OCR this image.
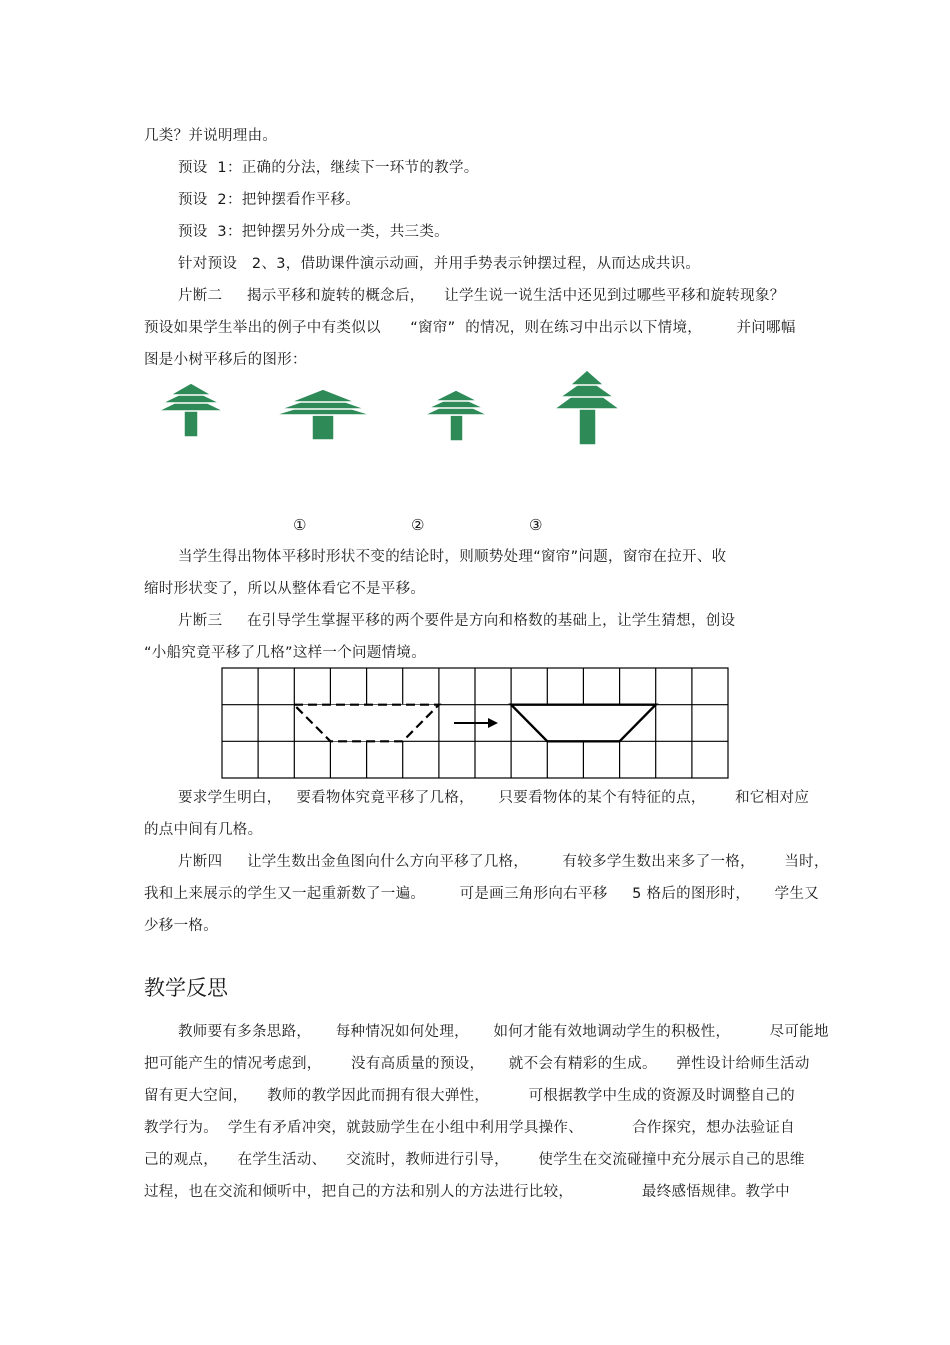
几类？并说明理由。
预设  1：正确的分法，继续下一环节的教学。
预设  2：把钟摆看作平移。
预设  3：把钟摆另外分成一类，共三类。
针对预设   2、3，借助课件演示动画，并用手势表示钟摆过程，从而达成共识。
片断二     揭示平移和旋转的概念后，    让学生说一说生活中还见到过哪些平移和旋转现象？
预设如果学生举出的例子中有类似以      “窗帘”  的情况，则在练习中出示以下情境，       并问哪幅
图是小树平移后的图形：
①	②	③
当学生得出物体平移时形状不变的结论时，则顺势处理“窗帘”问题，窗帘在拉开、收
缩时形状变了，所以从整体看它不是平移。
片断三     在引导学生掌握平移的两个要件是方向和格数的基础上，让学生猜想，创设
“小船究竟平移了几格”这样一个问题情境。
要求学生明白，   要看物体究竟平移了几格，     只要看物体的某个有特征的点，      和它相对应
的点中间有几格。
片断四     让学生数出金鱼图向什么方向平移了几格，       有较多学生数出来多了一格，      当时，
我和上来展示的学生又一起重新数了一遍。       可是画三角形向右平移     5 格后的图形时，     学生又
少移一格。
教学反思
教师要有多条思路，     每种情况如何处理，     如何才能有效地调动学生的积极性，        尽可能地
把可能产生的情况考虑到，      没有高质量的预设，     就不会有精彩的生成。    弹性设计给师生活动
留有更大空间，    教师的教学因此而拥有很大弹性，        可根据教学中生成的资源及时调整自己的
教学行为。  学生有矛盾冲突，就鼓励学生在小组中利用学具操作、          合作探究，想办法验证自
己的观点，    在学生活动、    交流时，教师进行引导，      使学生在交流碰撞中充分展示自己的思维
过程，也在交流和倾听中，把自己的方法和别人的方法进行比较，              最终感悟规律。教学中
